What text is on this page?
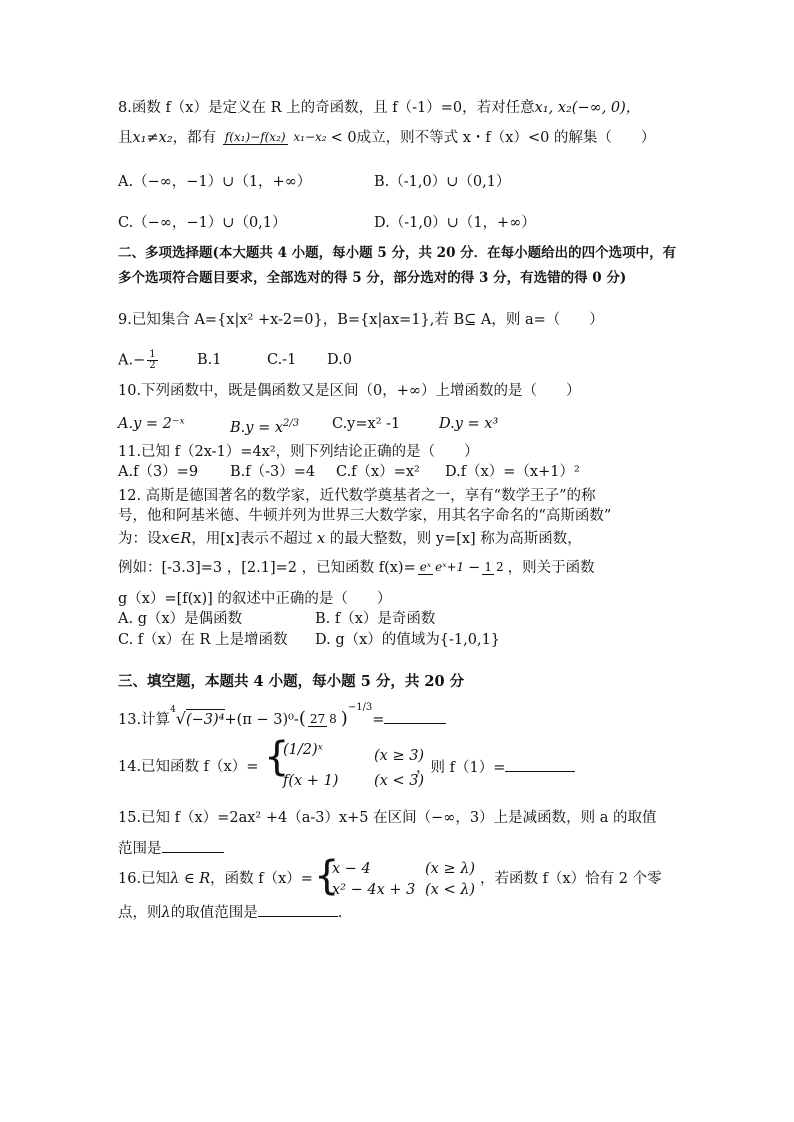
8.函数 f（x）是定义在 R 上的奇函数，且 f（-1）=0，若对任意x₁, x₂(−∞, 0)，
且x₁≠x₂，都有 f(x₁)−f(x₂) x₁−x₂ < 0成立，则不等式 x・f（x）<0 的解集（　　）
A.（−∞，−1）∪（1，+∞）	B.（-1,0）∪（0,1）
C.（−∞，−1）∪（0,1）	D.（-1,0）∪（1，+∞）
二、多项选择题(本大题共 4 小题，每小题 5 分，共 20 分．在每小题给出的四个选项中，有
多个选项符合题目要求，全部选对的得 5 分，部分选对的得 3 分，有选错的得 0 分)
9.已知集合 A={x|x² +x-2=0}，B={x|ax=1},若 B⊆ A，则 a=（　　）
$A.- \frac{1}{2}$	B.1	C.-1 D.0
10.下列函数中，既是偶函数又是区间（0，+∞）上增函数的是（　　）
A.y = 2⁻ˣ	$B.y = x^{2/3}$ C.y=x² -1	D.y = x³
11.已知 f（2x-1）=4x²，则下列结论正确的是（　　）
A.f（3）=9 B.f（-3）=4 C.f（x）=x² D.f（x）=（x+1）²
12. 高斯是德国著名的数学家，近代数学奠基者之一，享有“数学王子”的称
号，他和阿基米德、牛顿并列为世界三大数学家，用其名字命名的“高斯函数”
为：设x∈R，用[x]表示不超过 x 的最大整数，则 y=[x] 称为高斯函数，
例如：[-3.3]=3 ，[2.1]=2 ，已知函数 f(x)= eˣ eˣ+1 − 1 2 ，则关于函数
g（x）=[f(x)] 的叙述中正确的是（　　）
A. g（x）是偶函数	B. f（x）是奇函数
C. f（x）在 R 上是增函数 D. g（x）的值域为{-1,0,1}
三、填空题，本题共 4 小题，每小题 5 分，共 20 分
13.计算$^4$√(−3)⁴+(π − 3)⁰-( 27 8 )$^{-1/3}$=
14.已知函数 f（x）= {
(1/2)ˣ	(x ≥ 3)
f(x + 1) (x < 3)
，则 f（1）=
15.已知 f（x）=2ax² +4（a-3）x+5 在区间（−∞，3）上是减函数，则 a 的取值
范围是
16.已知λ ∈ R，函数 f（x）= {
x − 4	(x ≥ λ)
x² − 4x + 3 (x < λ)
，若函数 f（x）恰有 2 个零
点，则λ的取值范围是	.
